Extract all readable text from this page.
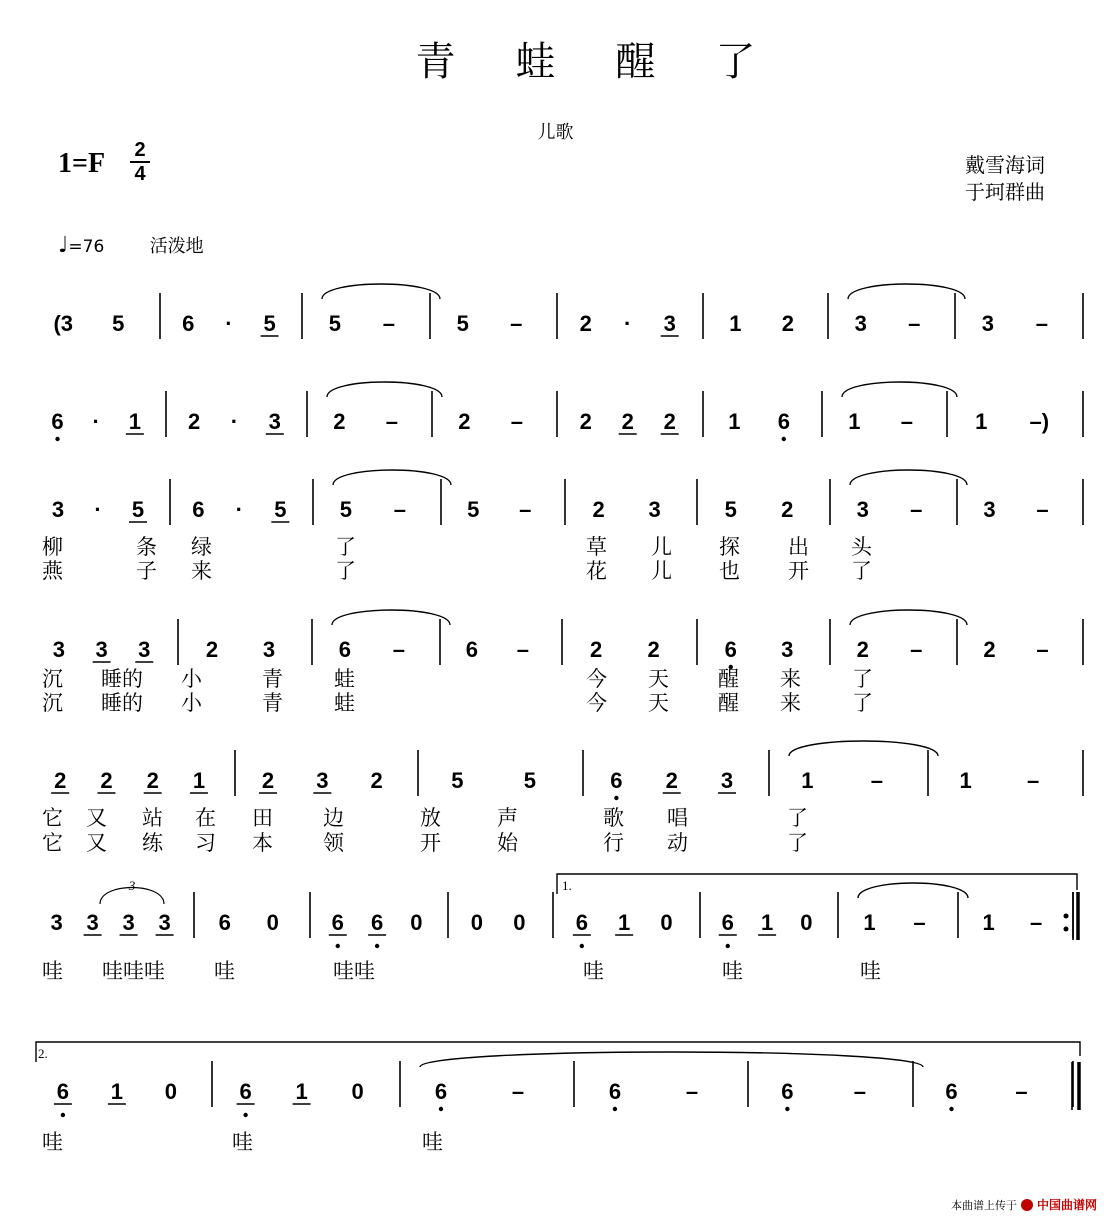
青蛙醒了
儿歌
1=F 2
4	戴雪海词
于珂群曲
♩=76	活泼地
(3 5	6 · 5 5 –	5 –	2 · 3 1 2	3 –	3 –
6 · 1 2 · 3 2 –	2 –	2 2 2 1 6	1 –	1 –)
3 · 5 6 · 5 5 –	5 –	2 3	5 2	3 –	3 –
柳	条 绿	了	草 儿 探 出 头
燕	子 来	了	花 儿 也 开 了
3 3 3	2 3	6 –	6 –	2 2	6 3	2 –	2 –
沉 睡的 小	青 蛙	今 天 醒 来 了
沉 睡的 小	青 蛙	今 天 醒 来 了
2 2 2 1	2 3 2	5	5	6 2 3	1	–	1	–
它 又 站 在 田 边	放	声	歌 唱	了
它 又 练 习 本 领	开	始	行 动	了
3 3 3 3 6 0 6 6 0 0 0 6 1 0 6 1 0 1 –	1 –
哇 哇哇哇 哇	哇哇	哇	哇	哇
6 1 0	6 1 0	6	–	6	–	6	–	6	–
哇	哇	哇
1.
2.
3
本曲谱上传于 中国曲谱网
